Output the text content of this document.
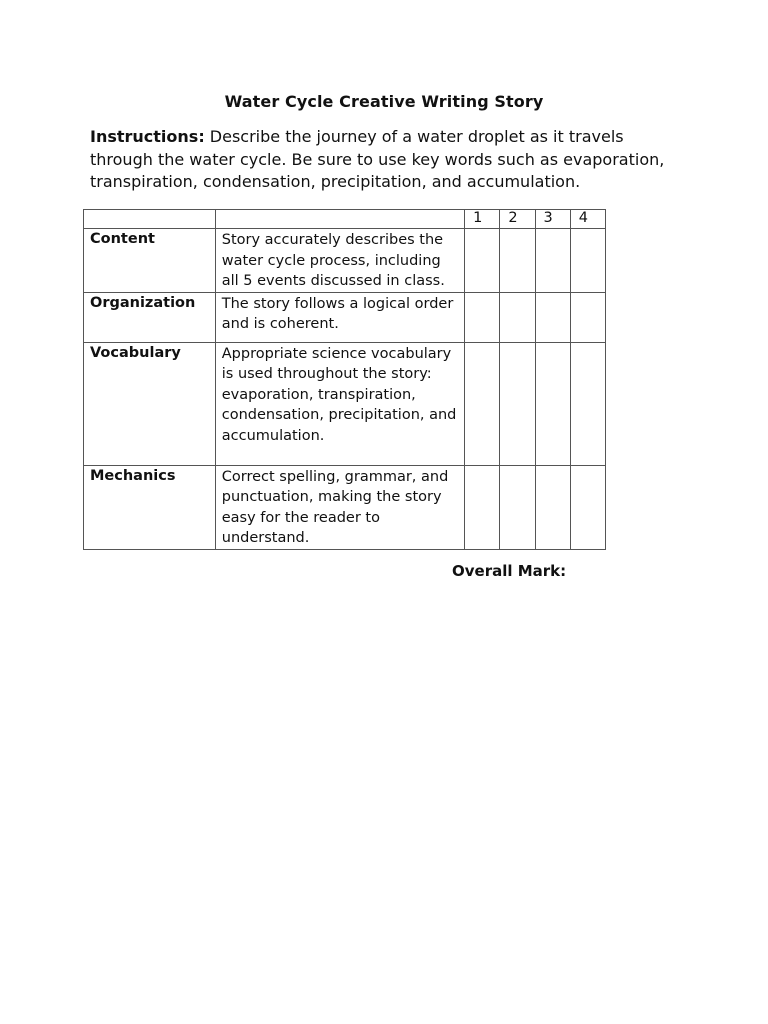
Water Cycle Creative Writing Story
Instructions: Describe the journey of a water droplet as it travels through the water cycle. Be sure to use key words such as evaporation, transpiration, condensation, precipitation, and accumulation.
		1	2	3	4
Content	Story accurately describes the water cycle process, including all 5 events discussed in class.				
Organization	The story follows a logical order and is coherent.				
Vocabulary	Appropriate science vocabulary is used throughout the story: evaporation, transpiration, condensation, precipitation, and accumulation.				
Mechanics	Correct spelling, grammar, and punctuation, making the story easy for the reader to understand.				
Overall Mark:
